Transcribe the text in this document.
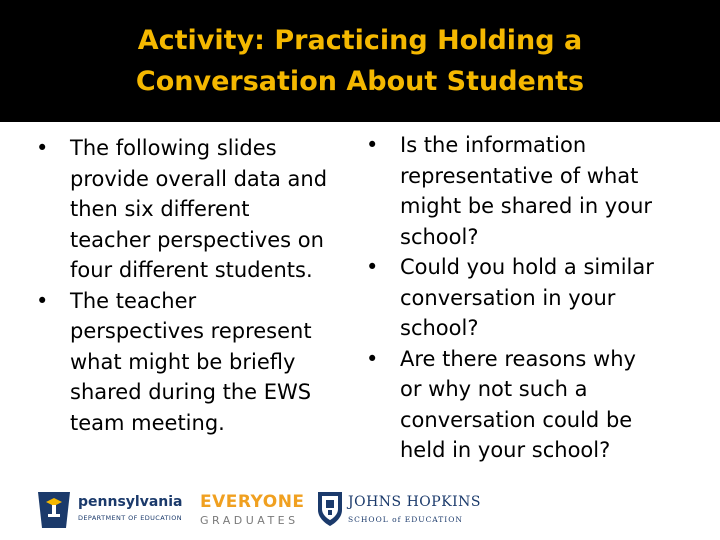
Activity: Practicing Holding a
Conversation About Students
• The following slides
provide overall data and
then six different
teacher perspectives on
four different students.
• The teacher
perspectives represent
what might be briefly
shared during the EWS
team meeting.
• Is the information
representative of what
might be shared in your
school?
• Could you hold a similar
conversation in your
school?
• Are there reasons why
or why not such a
conversation could be
held in your school?
pennsylvania
DEPARTMENT OF EDUCATION
EVERYONE
GRADUATES
JOHNS HOPKINS
SCHOOL of EDUCATION
